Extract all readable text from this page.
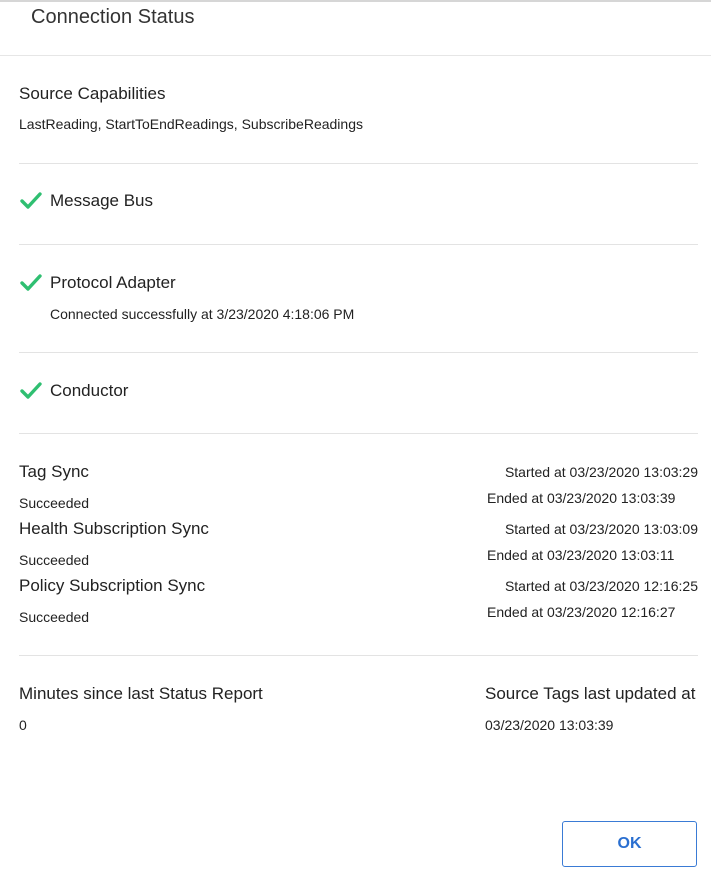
Connection Status
Source Capabilities
LastReading, StartToEndReadings, SubscribeReadings
Message Bus
Protocol Adapter
Connected successfully at 3/23/2020 4:18:06 PM
Conductor
Tag Sync
Succeeded
Started at 03/23/2020 13:03:29
Ended at 03/23/2020 13:03:39
Health Subscription Sync
Succeeded
Started at 03/23/2020 13:03:09
Ended at 03/23/2020 13:03:11
Policy Subscription Sync
Succeeded
Started at 03/23/2020 12:16:25
Ended at 03/23/2020 12:16:27
Minutes since last Status Report
0
Source Tags last updated at
03/23/2020 13:03:39
OK
